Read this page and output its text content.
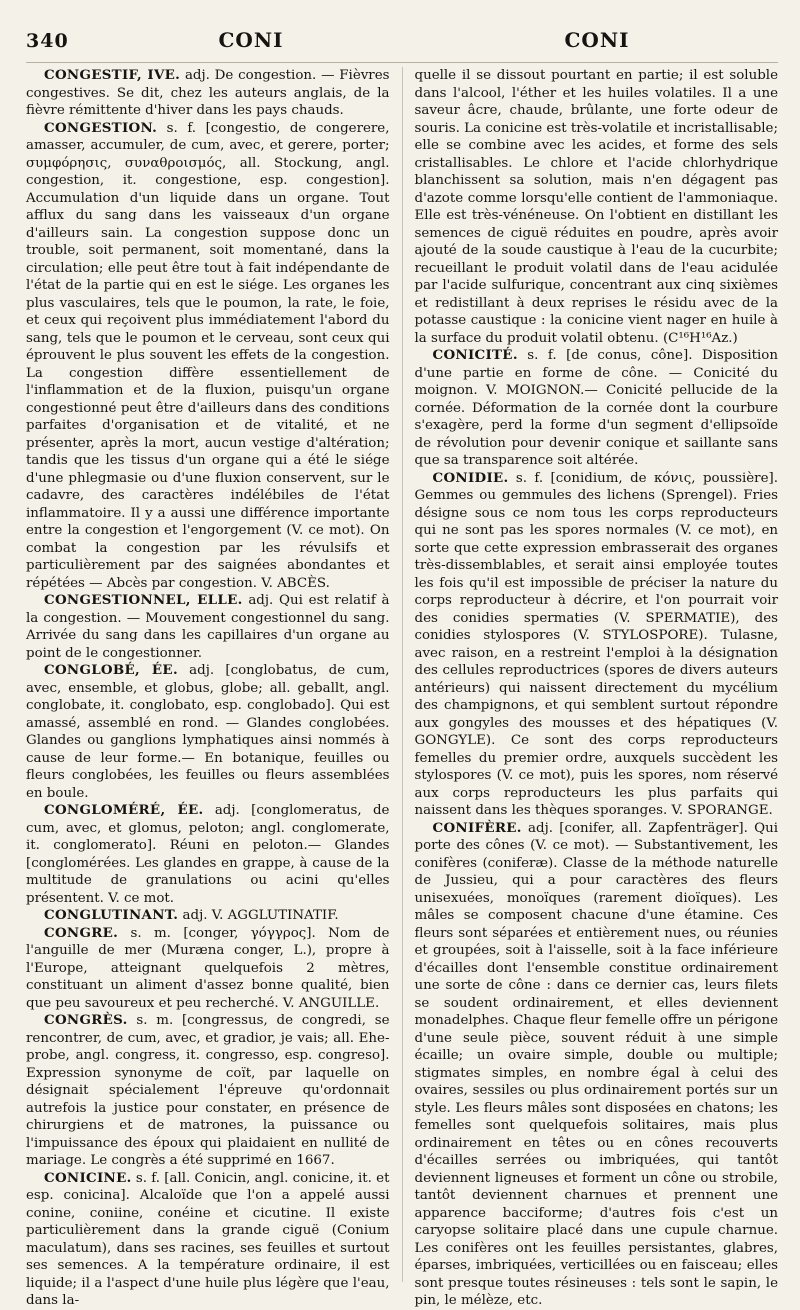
340	CONI	CONI

CONGESTIF, IVE. adj. De congestion. — Fièvres congestives. Se dit, chez les auteurs anglais, de la fièvre rémittente d'hiver dans les pays chauds.

CONGESTION. s. f. [congestio, de congerere, amasser, accumuler, de cum, avec, et gerere, porter; συμφόρησις, συναθροισμός, all. Stockung, angl. congestion, it. congestione, esp. congestion]. Accumulation d'un liquide dans un organe. Tout afflux du sang dans les vaisseaux d'un organe d'ailleurs sain. La congestion suppose donc un trouble, soit permanent, soit momentané, dans la circulation; elle peut être tout à fait indépendante de l'état de la partie qui en est le siége. Les organes les plus vasculaires, tels que le poumon, la rate, le foie, et ceux qui reçoivent plus immédiatement l'abord du sang, tels que le poumon et le cerveau, sont ceux qui éprouvent le plus souvent les effets de la congestion. La congestion diffère essentiellement de l'inflammation et de la fluxion, puisqu'un organe congestionné peut être d'ailleurs dans des conditions parfaites d'organisation et de vitalité, et ne présenter, après la mort, aucun vestige d'altération; tandis que les tissus d'un organe qui a été le siége d'une phlegmasie ou d'une fluxion conservent, sur le cadavre, des caractères indélébiles de l'état inflammatoire. Il y a aussi une différence importante entre la congestion et l'engorgement (V. ce mot). On combat la congestion par les révulsifs et particulièrement par des saignées abondantes et répétées — Abcès par congestion. V. ABCÈS.

CONGESTIONNEL, ELLE. adj. Qui est relatif à la congestion. — Mouvement congestionnel du sang. Arrivée du sang dans les capillaires d'un organe au point de le congestionner.

CONGLOBÉ, ÉE. adj. [conglobatus, de cum, avec, ensemble, et globus, globe; all. geballt, angl. conglobate, it. conglobato, esp. conglobado]. Qui est amassé, assemblé en rond. — Glandes conglobées. Glandes ou ganglions lymphatiques ainsi nommés à cause de leur forme.— En botanique, feuilles ou fleurs conglobées, les feuilles ou fleurs assemblées en boule.

CONGLOMÉRÉ, ÉE. adj. [conglomeratus, de cum, avec, et glomus, peloton; angl. conglomerate, it. conglomerato]. Réuni en peloton.— Glandes [conglomérées. Les glandes en grappe, à cause de la multitude de granulations ou acini qu'elles présentent. V. ce mot.

CONGLUTINANT. adj. V. AGGLUTINATIF.

CONGRE. s. m. [conger, γόγγρος]. Nom de l'anguille de mer (Muræna conger, L.), propre à l'Europe, atteignant quelquefois 2 mètres, constituant un aliment d'assez bonne qualité, bien que peu savoureux et peu recherché. V. ANGUILLE.

CONGRÈS. s. m. [congressus, de congredi, se rencontrer, de cum, avec, et gradior, je vais; all. Ehe-probe, angl. congress, it. congresso, esp. congreso]. Expression synonyme de coït, par laquelle on désignait spécialement l'épreuve qu'ordonnait autrefois la justice pour constater, en présence de chirurgiens et de matrones, la puissance ou l'impuissance des époux qui plaidaient en nullité de mariage. Le congrès a été supprimé en 1667.

CONICINE. s. f. [all. Conicin, angl. conicine, it. et esp. conicina]. Alcaloïde que l'on a appelé aussi conine, coniine, conéine et cicutine. Il existe particulièrement dans la grande ciguë (Conium maculatum), dans ses racines, ses feuilles et surtout ses semences. A la température ordinaire, il est liquide; il a l'aspect d'une huile plus légère que l'eau, dans la-

quelle il se dissout pourtant en partie; il est soluble dans l'alcool, l'éther et les huiles volatiles. Il a une saveur âcre, chaude, brûlante, une forte odeur de souris. La conicine est très-volatile et incristallisable; elle se combine avec les acides, et forme des sels cristallisables. Le chlore et l'acide chlorhydrique blanchissent sa solution, mais n'en dégagent pas d'azote comme lorsqu'elle contient de l'ammoniaque. Elle est très-vénéneuse. On l'obtient en distillant les semences de ciguë réduites en poudre, après avoir ajouté de la soude caustique à l'eau de la cucurbite; recueillant le produit volatil dans de l'eau acidulée par l'acide sulfurique, concentrant aux cinq sixièmes et redistillant à deux reprises le résidu avec de la potasse caustique : la conicine vient nager en huile à la surface du produit volatil obtenu. (C¹⁶H¹⁶Az.)

CONICITÉ. s. f. [de conus, cône]. Disposition d'une partie en forme de cône. — Conicité du moignon. V. MOIGNON.— Conicité pellucide de la cornée. Déformation de la cornée dont la courbure s'exagère, perd la forme d'un segment d'ellipsoïde de révolution pour devenir conique et saillante sans que sa transparence soit altérée.

CONIDIE. s. f. [conidium, de κόνις, poussière]. Gemmes ou gemmules des lichens (Sprengel). Fries désigne sous ce nom tous les corps reproducteurs qui ne sont pas les spores normales (V. ce mot), en sorte que cette expression embrasserait des organes très-dissemblables, et serait ainsi employée toutes les fois qu'il est impossible de préciser la nature du corps reproducteur à décrire, et l'on pourrait voir des conidies spermaties (V. SPERMATIE), des conidies stylospores (V. STYLOSPORE). Tulasne, avec raison, en a restreint l'emploi à la désignation des cellules reproductrices (spores de divers auteurs antérieurs) qui naissent directement du mycélium des champignons, et qui semblent surtout répondre aux gongyles des mousses et des hépatiques (V. GONGYLE). Ce sont des corps reproducteurs femelles du premier ordre, auxquels succèdent les stylospores (V. ce mot), puis les spores, nom réservé aux corps reproducteurs les plus parfaits qui naissent dans les thèques sporanges. V. SPORANGE.

CONIFÈRE. adj. [conifer, all. Zapfenträger]. Qui porte des cônes (V. ce mot). — Substantivement, les conifères (coniferæ). Classe de la méthode naturelle de Jussieu, qui a pour caractères des fleurs unisexuées, monoïques (rarement dioïques). Les mâles se composent chacune d'une étamine. Ces fleurs sont séparées et entièrement nues, ou réunies et groupées, soit à l'aisselle, soit à la face inférieure d'écailles dont l'ensemble constitue ordinairement une sorte de cône : dans ce dernier cas, leurs filets se soudent ordinairement, et elles deviennent monadelphes. Chaque fleur femelle offre un périgone d'une seule pièce, souvent réduit à une simple écaille; un ovaire simple, double ou multiple; stigmates simples, en nombre égal à celui des ovaires, sessiles ou plus ordinairement portés sur un style. Les fleurs mâles sont disposées en chatons; les femelles sont quelquefois solitaires, mais plus ordinairement en têtes ou en cônes recouverts d'écailles serrées ou imbriquées, qui tantôt deviennent ligneuses et forment un cône ou strobile, tantôt deviennent charnues et prennent une apparence bacciforme; d'autres fois c'est un caryopse solitaire placé dans une cupule charnue. Les conifères ont les feuilles persistantes, glabres, éparses, imbriquées, verticillées ou en faisceau; elles sont presque toutes résineuses : tels sont le sapin, le pin, le mélèze, etc.
